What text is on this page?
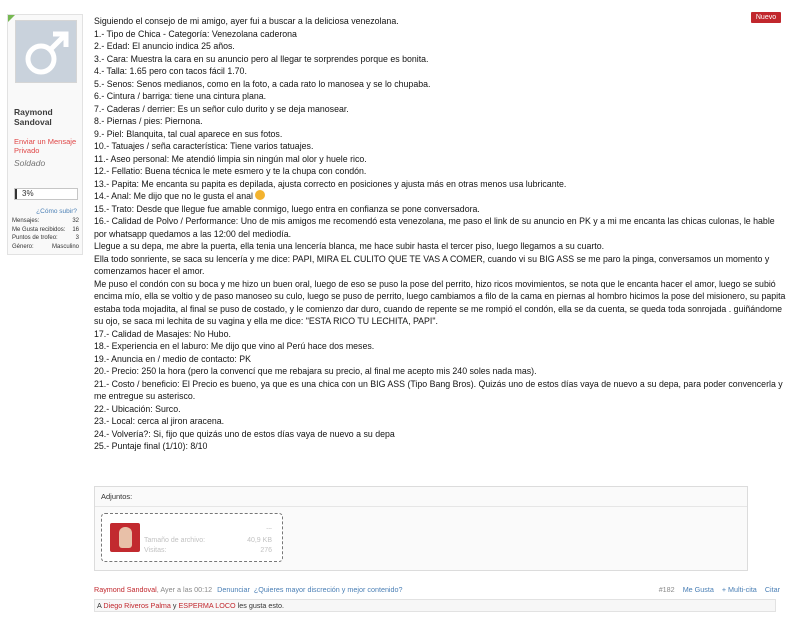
Raymond Sandoval
Enviar un Mensaje Privado
Soldado
3%
¿Cómo subir?
Mensajes:	32
Me Gusta recibidos: 16
Puntos de trofeo:	3
Género:	Masculino
Nuevo
Siguiendo el consejo de mi amigo, ayer fui a buscar a la deliciosa venezolana.
1.- Tipo de Chica - Categoría: Venezolana caderona
2.- Edad: El anuncio indica 25 años.
3.- Cara: Muestra la cara en su anuncio pero al llegar te sorprendes porque es bonita.
4.- Talla: 1.65 pero con tacos fácil 1.70.
5.- Senos: Senos medianos, como en la foto, a cada rato lo manosea y se lo chupaba.
6.- Cintura / barriga: tiene una cintura plana.
7.- Caderas / derrier: Es un señor culo durito y se deja manosear.
8.- Piernas / pies: Piernona.
9.- Piel: Blanquita, tal cual aparece en sus fotos.
10.- Tatuajes / seña característica: Tiene varios tatuajes.
11.- Aseo personal: Me atendió limpia sin ningún mal olor y huele rico.
12.- Fellatio: Buena técnica le mete esmero y te la chupa con condón.
13.- Papita: Me encanta su papita es depilada, ajusta correcto en posiciones y ajusta más en otras menos usa lubricante.
14.- Anal: Me dijo que no le gusta el anal
15.- Trato: Desde que llegue fue amable conmigo, luego entra en confianza se pone conversadora.
16.- Calidad de Polvo / Performance: Uno de mis amigos me recomendó esta venezolana, me paso el link de su anuncio en PK y a mi me encanta las chicas culonas, le hable por whatsapp quedamos a las 12:00 del mediodía.
Llegue a su depa, me abre la puerta, ella tenia una lencería blanca, me hace subir hasta el tercer piso, luego llegamos a su cuarto.
Ella todo sonriente, se saca su lencería y me dice: PAPI, MIRA EL CULITO QUE TE VAS A COMER, cuando vi su BIG ASS se me paro la pinga, conversamos un momento y comenzamos hacer el amor.
Me puso el condón con su boca y me hizo un buen oral, luego de eso se puso la pose del perrito, hizo ricos movimientos, se nota que le encanta hacer el amor, luego se subió encima mío, ella se voltio y de paso manoseo su culo, luego se puso de perrito, luego cambiamos a filo de la cama en piernas al hombro hicimos la pose del misionero, su papita estaba toda mojadita, al final se puso de costado, y le comienzo dar duro, cuando de repente se me rompió el condón, ella se da cuenta, se queda toda sonrojada . guiñándome su ojo, se saca mi lechita de su vagina y ella me dice: "ESTA RICO TU LECHITA, PAPI".
17.- Calidad de Masajes: No Hubo.
18.- Experiencia en el laburo: Me dijo que vino al Perú hace dos meses.
19.- Anuncia en / medio de contacto: PK
20.- Precio: 250 la hora (pero la convencí que me rebajara su precio, al final me acepto mis 240 soles nada mas).
21.- Costo / beneficio: El Precio es bueno, ya que es una chica con un BIG ASS (Tipo Bang Bros). Quizás uno de estos días vaya de nuevo a su depa, para poder convencerla y me entregue su asterisco.
22.- Ubicación: Surco.
23.- Local: cerca al jiron aracena.
24.- Volvería?: Si, fijo que quizás uno de estos días vaya de nuevo a su depa
25.- Puntaje final (1/10): 8/10
Adjuntos:
...
Tamaño de archivo:	40,9 KB
Visitas:	276
Raymond Sandoval, Ayer a las 00:12 Denunciar ¿Quieres mayor discreción y mejor contenido?	#182 Me Gusta + Multi-cita Citar
A Diego Riveros Palma y ESPERMA LOCO les gusta esto.
